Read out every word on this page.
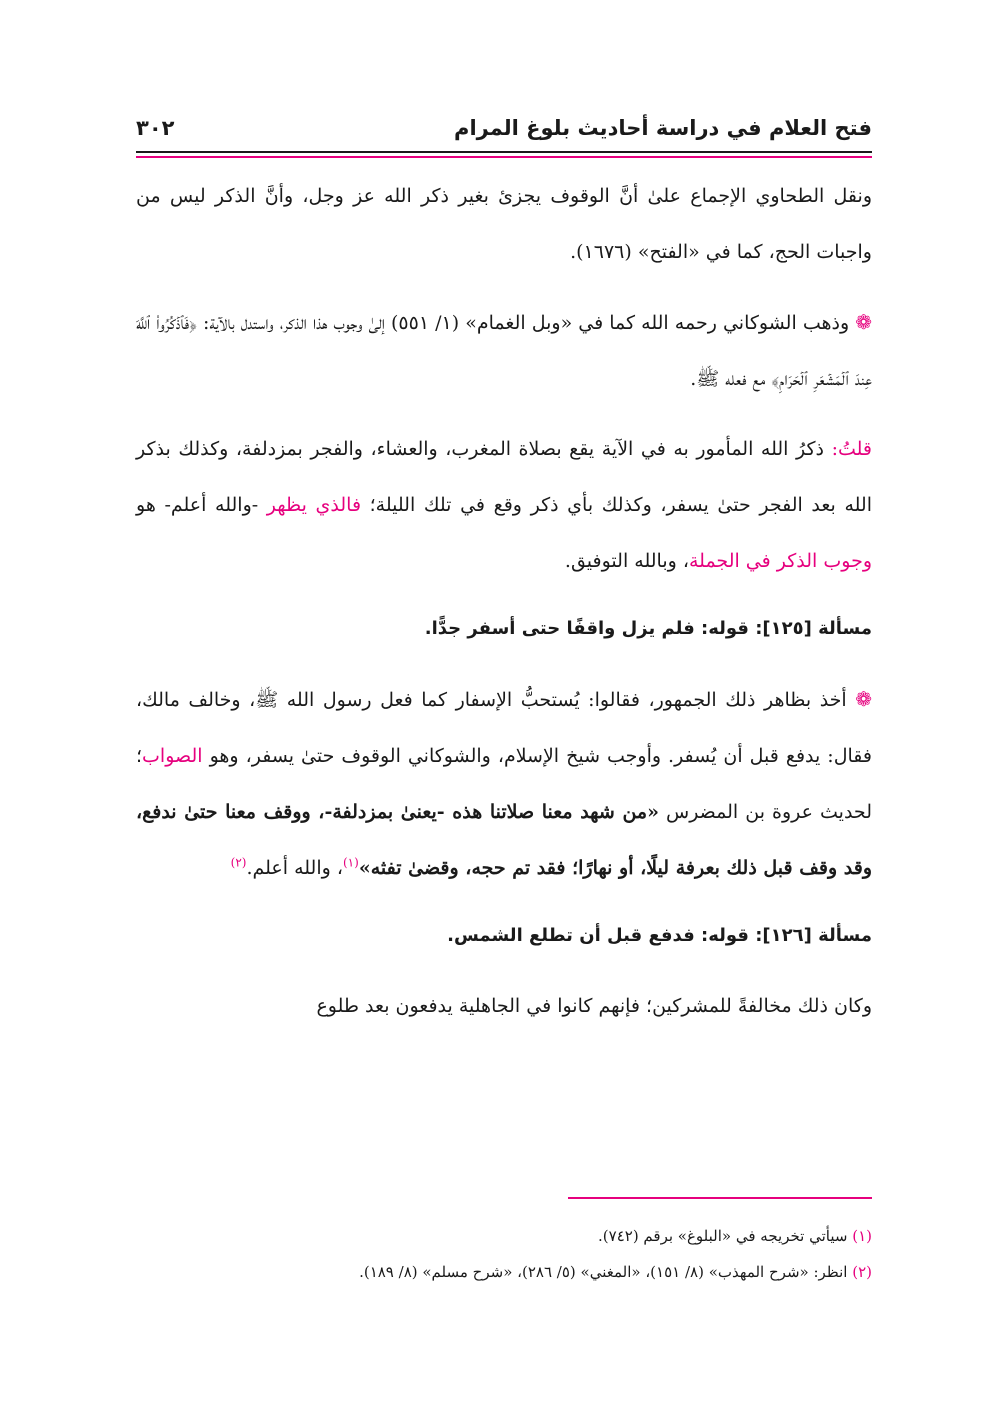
فتح العلام في دراسة أحاديث بلوغ المرام
٣٠٢

ونقل الطحاوي الإجماع علىٰ أنَّ الوقوف يجزئ بغير ذكر الله عز وجل، وأنَّ الذكر ليس من واجبات الحج، كما في «الفتح» (١٦٧٦).

❁ وذهب الشوكاني رحمه الله كما في «وبل الغمام» (١/ ٥٥١) إلىٰ وجوب هذا الذكر، واستدل بالآية: ﴿فَٱذۡكُرُواْ ٱللَّهَ عِندَ ٱلۡمَشۡعَرِ ٱلۡحَرَامِ﴾ مع فعله ﷺ.

قلتُ: ذكرُ الله المأمور به في الآية يقع بصلاة المغرب، والعشاء، والفجر بمزدلفة، وكذلك بذكر الله بعد الفجر حتىٰ يسفر، وكذلك بأي ذكر وقع في تلك الليلة؛ فالذي يظهر -والله أعلم- هو وجوب الذكر في الجملة، وبالله التوفيق.

مسألة [١٢٥]: قوله: فلم يزل واقفًا حتى أسفر جدًّا.

❁ أخذ بظاهر ذلك الجمهور، فقالوا: يُستحبُّ الإسفار كما فعل رسول الله ﷺ، وخالف مالك، فقال: يدفع قبل أن يُسفر. وأوجب شيخ الإسلام، والشوكاني الوقوف حتىٰ يسفر، وهو الصواب؛ لحديث عروة بن المضرس «من شهد معنا صلاتنا هذه -يعنىٰ بمزدلفة-، ووقف معنا حتىٰ ندفع، وقد وقف قبل ذلك بعرفة ليلًا، أو نهارًا؛ فقد تم حجه، وقضىٰ تفثه»$^{(١)}$، والله أعلم.$^{(٢)}$

مسألة [١٢٦]: قوله: فدفع قبل أن تطلع الشمس.

وكان ذلك مخالفةً للمشركين؛ فإنهم كانوا في الجاهلية يدفعون بعد طلوع

(١) سيأتي تخريجه في «البلوغ» برقم (٧٤٢).

(٢) انظر: «شرح المهذب» (٨/ ١٥١)، «المغني» (٥/ ٢٨٦)، «شرح مسلم» (٨/ ١٨٩).
